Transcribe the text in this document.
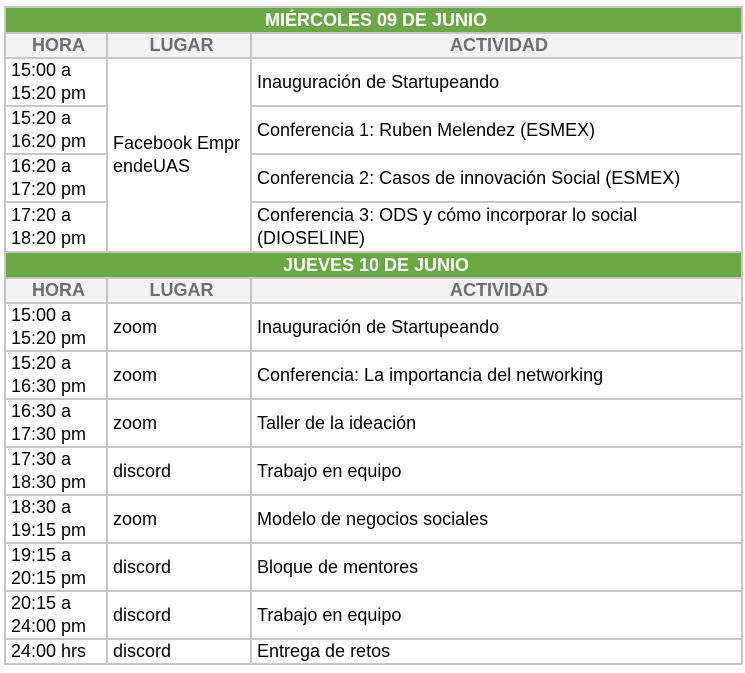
MIÉRCOLES 09 DE JUNIO		
HORA	LUGAR	ACTIVIDAD
15:00 a 15:20 pm	Facebook EmprendeUAS	Inauguración de Startupeando
15:20 a 16:20 pm		Conferencia 1: Ruben Melendez (ESMEX)
16:20 a 17:20 pm		Conferencia 2: Casos de innovación Social (ESMEX)
17:20 a 18:20 pm		Conferencia 3: ODS y cómo incorporar lo social (DIOSELINE)
JUEVES 10 DE JUNIO		
HORA	LUGAR	ACTIVIDAD
15:00 a 15:20 pm	zoom	Inauguración de Startupeando
15:20 a 16:30 pm	zoom	Conferencia: La importancia del networking
16:30 a 17:30 pm	zoom	Taller de la ideación
17:30 a 18:30 pm	discord	Trabajo en equipo
18:30 a 19:15 pm	zoom	Modelo de negocios sociales
19:15 a 20:15 pm	discord	Bloque de mentores
20:15 a 24:00 pm	discord	Trabajo en equipo
24:00 hrs	discord	Entrega de retos
